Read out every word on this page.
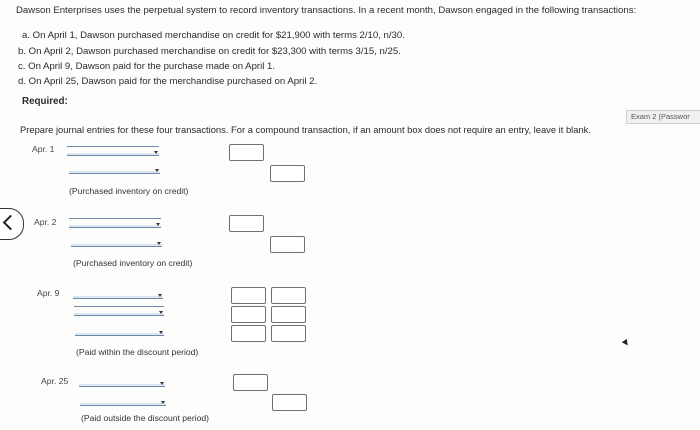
Dawson Enterprises uses the perpetual system to record inventory transactions. In a recent month, Dawson engaged in the following transactions:
a. On April 1, Dawson purchased merchandise on credit for $21,900 with terms 2/10, n/30.
b. On April 2, Dawson purchased merchandise on credit for $23,300 with terms 3/15, n/25.
c. On April 9, Dawson paid for the purchase made on April 1.
d. On April 25, Dawson paid for the merchandise purchased on April 2.
Required:
Exam 2 (Passwor
Prepare journal entries for these four transactions. For a compound transaction, if an amount box does not require an entry, leave it blank.
Apr. 1
(Purchased inventory on credit)
Apr. 2
(Purchased inventory on credit)
Apr. 9
(Paid within the discount period)
Apr. 25
(Paid outside the discount period)
